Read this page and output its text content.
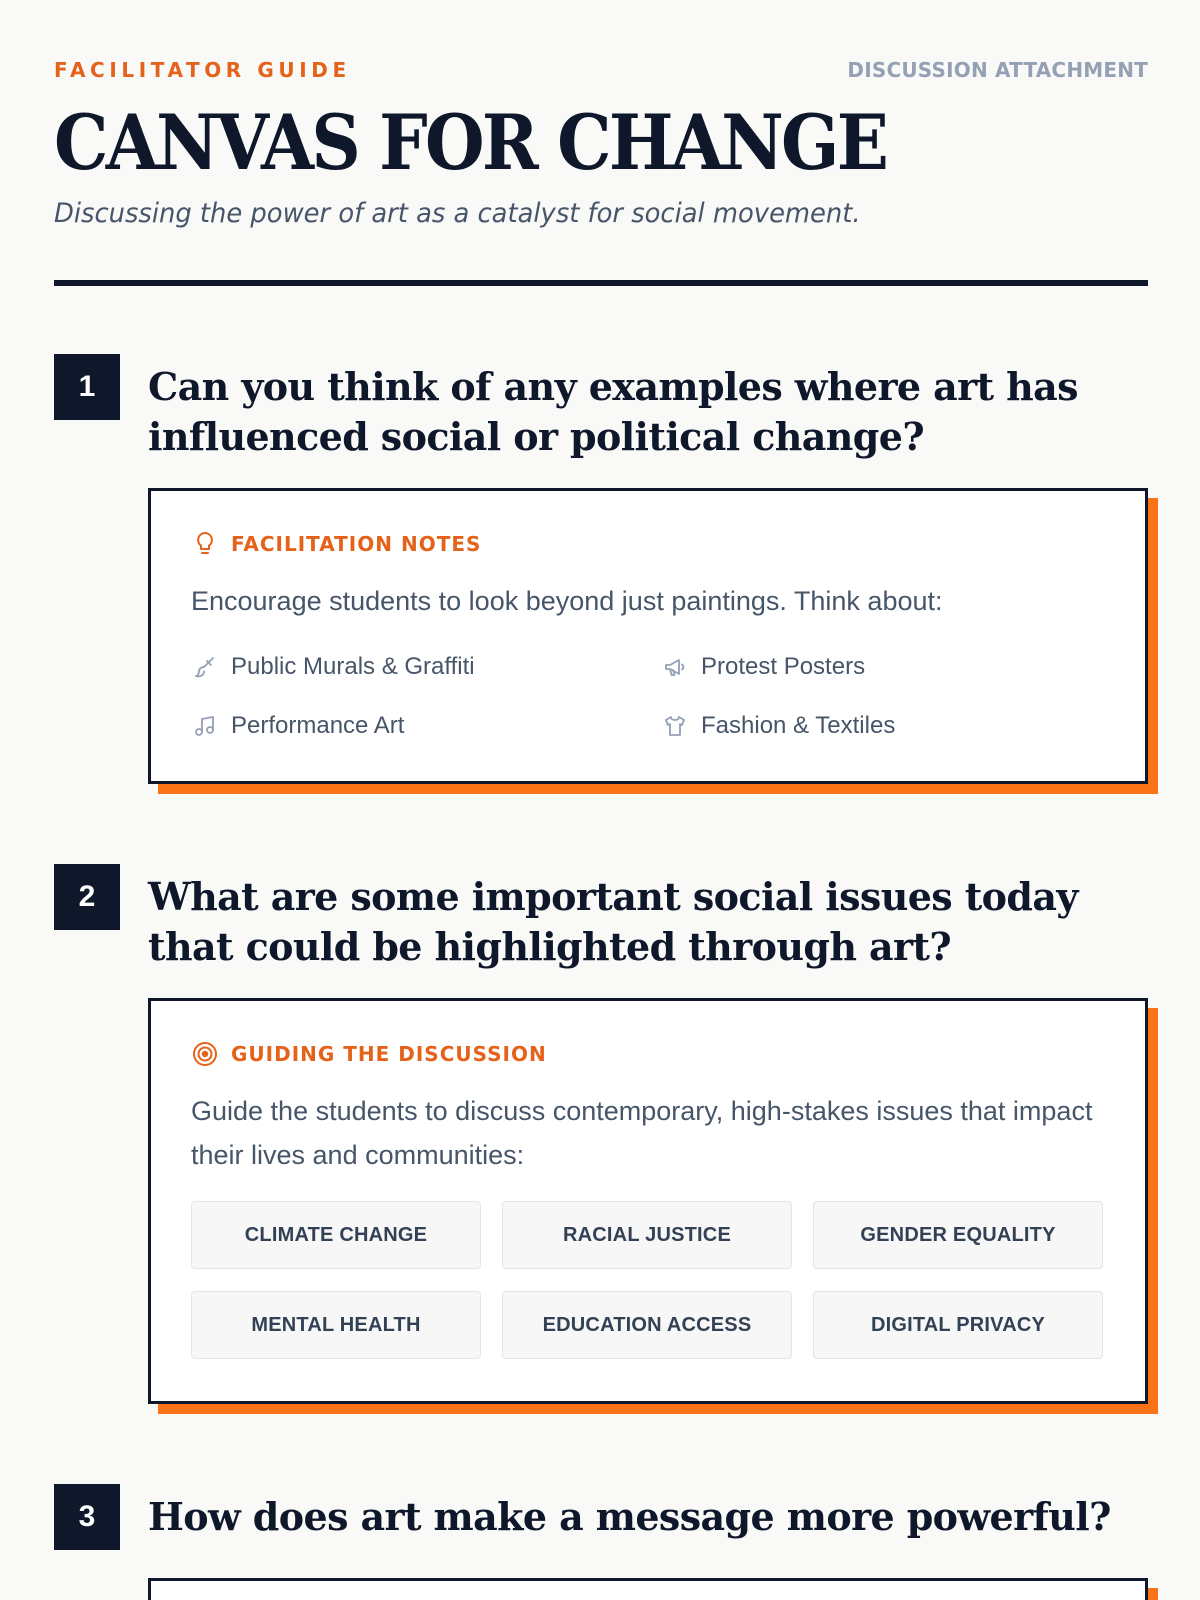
FACILITATOR GUIDE	DISCUSSION ATTACHMENT
CANVAS FOR CHANGE
Discussing the power of art as a catalyst for social movement.
1	Can you think of any examples where art has influenced social or political change?
FACILITATION NOTES
Encourage students to look beyond just paintings. Think about:
Public Murals & Graffiti	Protest Posters
Performance Art	Fashion & Textiles
2	What are some important social issues today that could be highlighted through art?
GUIDING THE DISCUSSION
Guide the students to discuss contemporary, high-stakes issues that impact their lives and communities:
CLIMATE CHANGE	RACIAL JUSTICE	GENDER EQUALITY
MENTAL HEALTH	EDUCATION ACCESS	DIGITAL PRIVACY
3	How does art make a message more powerful?
